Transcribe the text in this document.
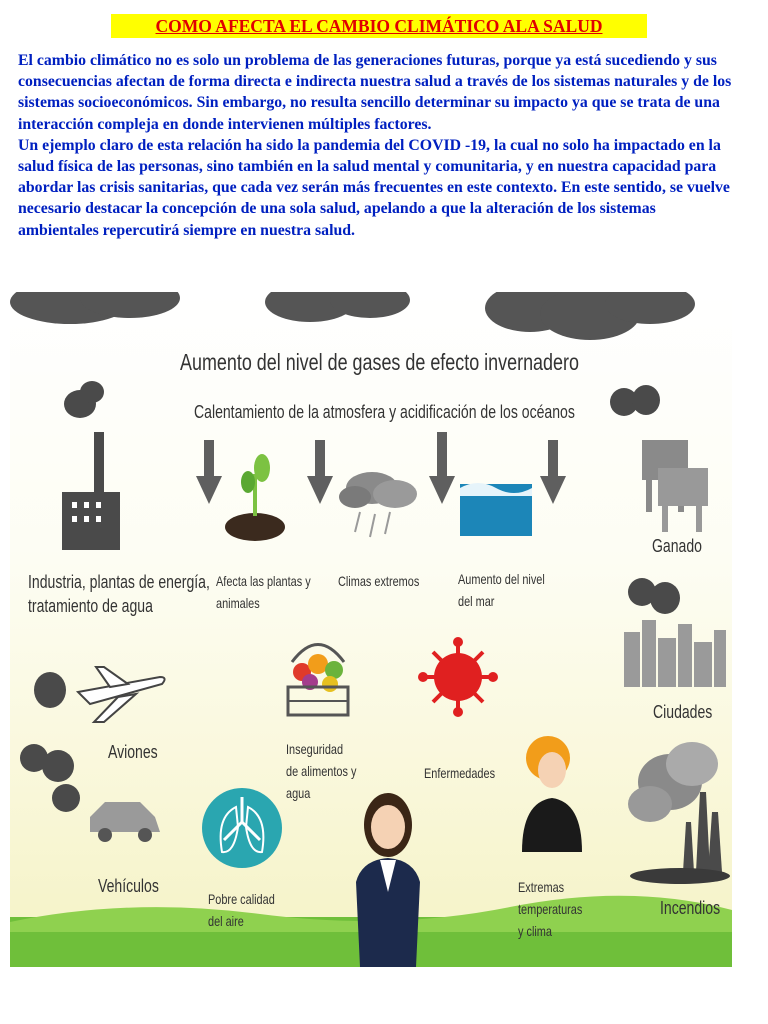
COMO AFECTA EL CAMBIO CLIMÁTICO ALA SALUD

El cambio climático no es solo un problema de las generaciones futuras, porque ya está sucediendo y sus consecuencias afectan de forma directa e indirecta nuestra salud a través de los sistemas naturales y de los sistemas socioeconómicos. Sin embargo, no resulta sencillo determinar su impacto ya que se trata de una interacción compleja en donde intervienen múltiples factores.

Un ejemplo claro de esta relación ha sido la pandemia del COVID -19, la cual no solo ha impactado en la salud física de las personas, sino también en la salud mental y comunitaria, y en nuestra capacidad para abordar las crisis sanitarias, que cada vez serán más frecuentes en este contexto. En este sentido, se vuelve necesario destacar la concepción de una sola salud, apelando a que la alteración de los sistemas ambientales repercutirá siempre en nuestra salud.

Aumento del nivel de gases de efecto invernadero
Calentamiento de la atmosfera y acidificación de los océanos
Industria, plantas de energía,
tratamiento de agua
Afecta las plantas y
animales
Climas extremos	Aumento del nivel
del mar
Ganado
Ciudades
Aviones	Inseguridad
de alimentos y
agua
Enfermedades
Vehículos
Pobre calidad
del aire
Extremas
temperaturas
y clima
Incendios
